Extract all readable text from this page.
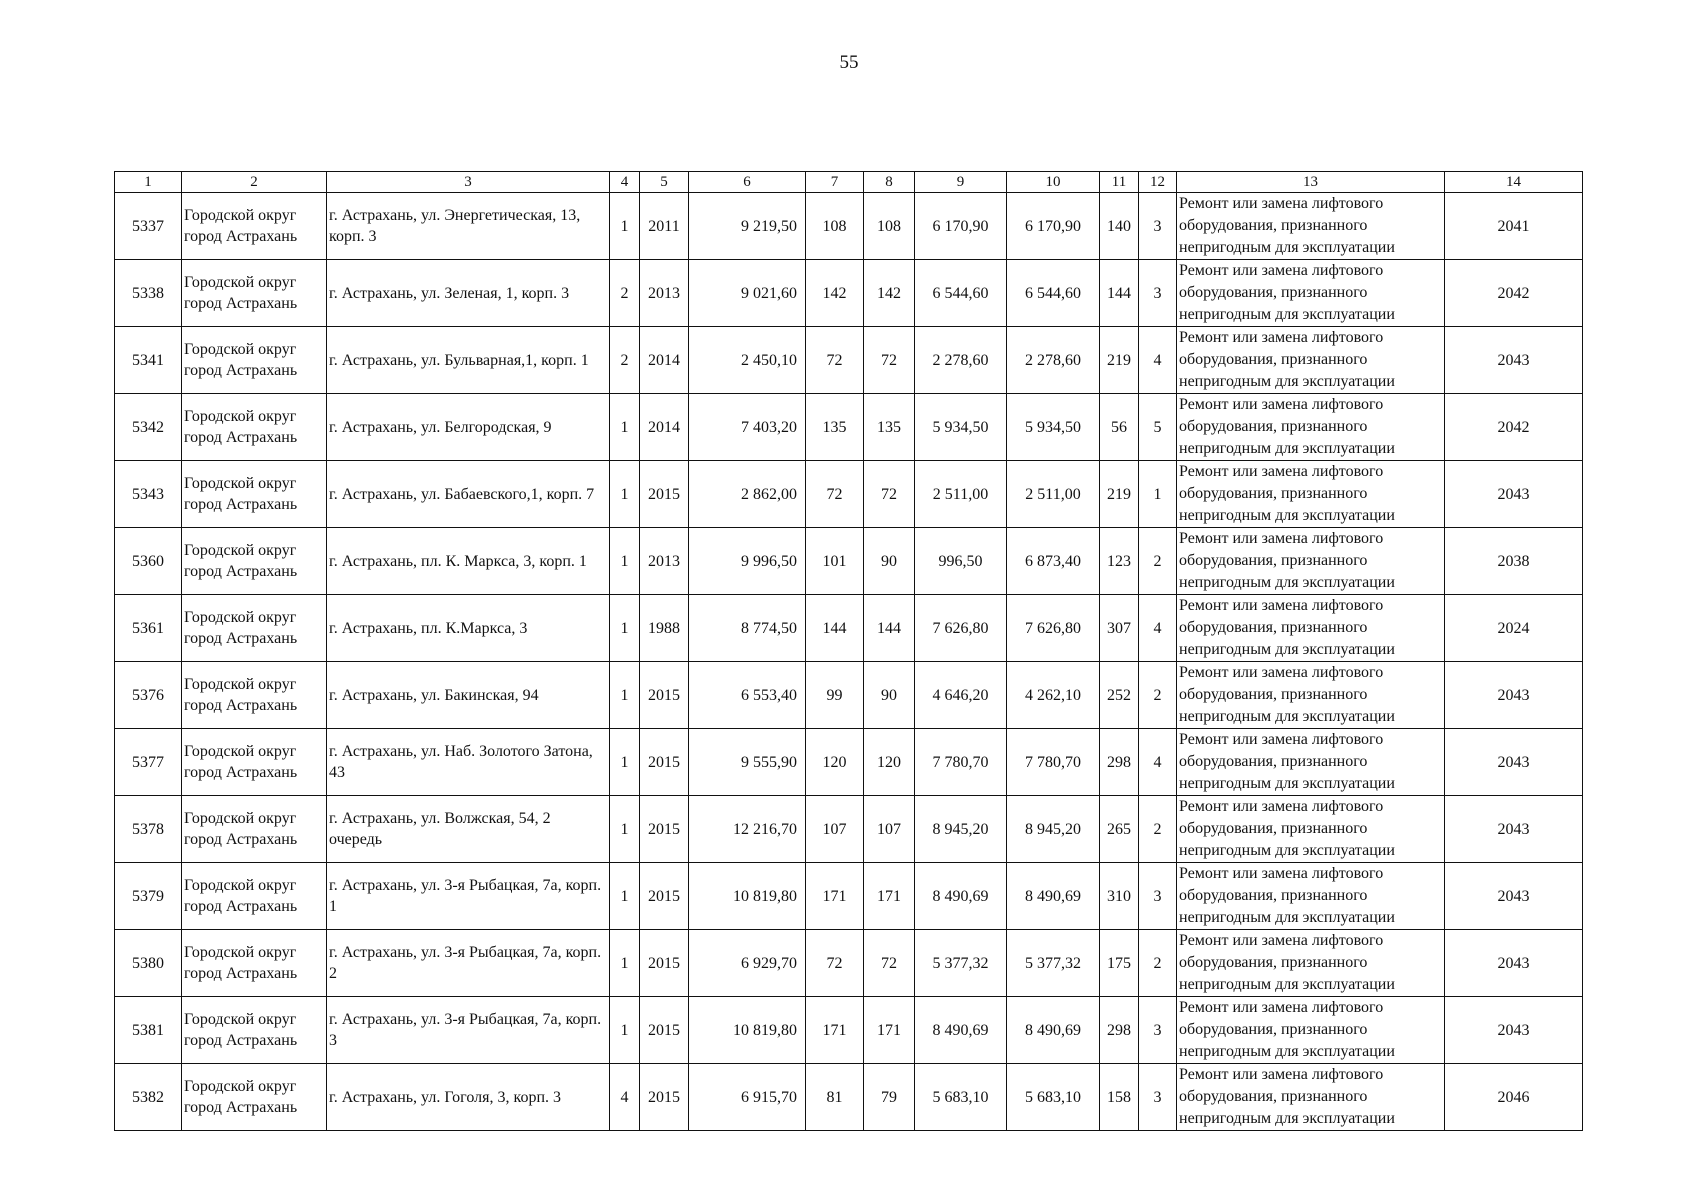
55
1	2	3	4	5	6	7	8	9	10	11	12	13	14
5337	Городской округ город Астрахань	г. Астрахань, ул. Энергетическая, 13, корп. 3	1	2011	9 219,50	108	108	6 170,90	6 170,90	140	3	Ремонт или замена лифтового оборудования, признанного непригодным для эксплуатации	2041
5338	Городской округ город Астрахань	г. Астрахань, ул. Зеленая, 1, корп. 3	2	2013	9 021,60	142	142	6 544,60	6 544,60	144	3	Ремонт или замена лифтового оборудования, признанного непригодным для эксплуатации	2042
5341	Городской округ город Астрахань	г. Астрахань, ул. Бульварная,1, корп. 1	2	2014	2 450,10	72	72	2 278,60	2 278,60	219	4	Ремонт или замена лифтового оборудования, признанного непригодным для эксплуатации	2043
5342	Городской округ город Астрахань	г. Астрахань, ул. Белгородская, 9	1	2014	7 403,20	135	135	5 934,50	5 934,50	56	5	Ремонт или замена лифтового оборудования, признанного непригодным для эксплуатации	2042
5343	Городской округ город Астрахань	г. Астрахань, ул. Бабаевского,1, корп. 7	1	2015	2 862,00	72	72	2 511,00	2 511,00	219	1	Ремонт или замена лифтового оборудования, признанного непригодным для эксплуатации	2043
5360	Городской округ город Астрахань	г. Астрахань, пл. К. Маркса, 3, корп. 1	1	2013	9 996,50	101	90	996,50	6 873,40	123	2	Ремонт или замена лифтового оборудования, признанного непригодным для эксплуатации	2038
5361	Городской округ город Астрахань	г. Астрахань, пл. К.Маркса, 3	1	1988	8 774,50	144	144	7 626,80	7 626,80	307	4	Ремонт или замена лифтового оборудования, признанного непригодным для эксплуатации	2024
5376	Городской округ город Астрахань	г. Астрахань, ул. Бакинская, 94	1	2015	6 553,40	99	90	4 646,20	4 262,10	252	2	Ремонт или замена лифтового оборудования, признанного непригодным для эксплуатации	2043
5377	Городской округ город Астрахань	г. Астрахань, ул. Наб. Золотого Затона, 43	1	2015	9 555,90	120	120	7 780,70	7 780,70	298	4	Ремонт или замена лифтового оборудования, признанного непригодным для эксплуатации	2043
5378	Городской округ город Астрахань	г. Астрахань, ул. Волжская, 54, 2 очередь	1	2015	12 216,70	107	107	8 945,20	8 945,20	265	2	Ремонт или замена лифтового оборудования, признанного непригодным для эксплуатации	2043
5379	Городской округ город Астрахань	г. Астрахань, ул. 3-я Рыбацкая, 7а, корп. 1	1	2015	10 819,80	171	171	8 490,69	8 490,69	310	3	Ремонт или замена лифтового оборудования, признанного непригодным для эксплуатации	2043
5380	Городской округ город Астрахань	г. Астрахань, ул. 3-я Рыбацкая, 7а, корп. 2	1	2015	6 929,70	72	72	5 377,32	5 377,32	175	2	Ремонт или замена лифтового оборудования, признанного непригодным для эксплуатации	2043
5381	Городской округ город Астрахань	г. Астрахань, ул. 3-я Рыбацкая, 7а, корп. 3	1	2015	10 819,80	171	171	8 490,69	8 490,69	298	3	Ремонт или замена лифтового оборудования, признанного непригодным для эксплуатации	2043
5382	Городской округ город Астрахань	г. Астрахань, ул. Гоголя, 3, корп. 3	4	2015	6 915,70	81	79	5 683,10	5 683,10	158	3	Ремонт или замена лифтового оборудования, признанного непригодным для эксплуатации	2046
